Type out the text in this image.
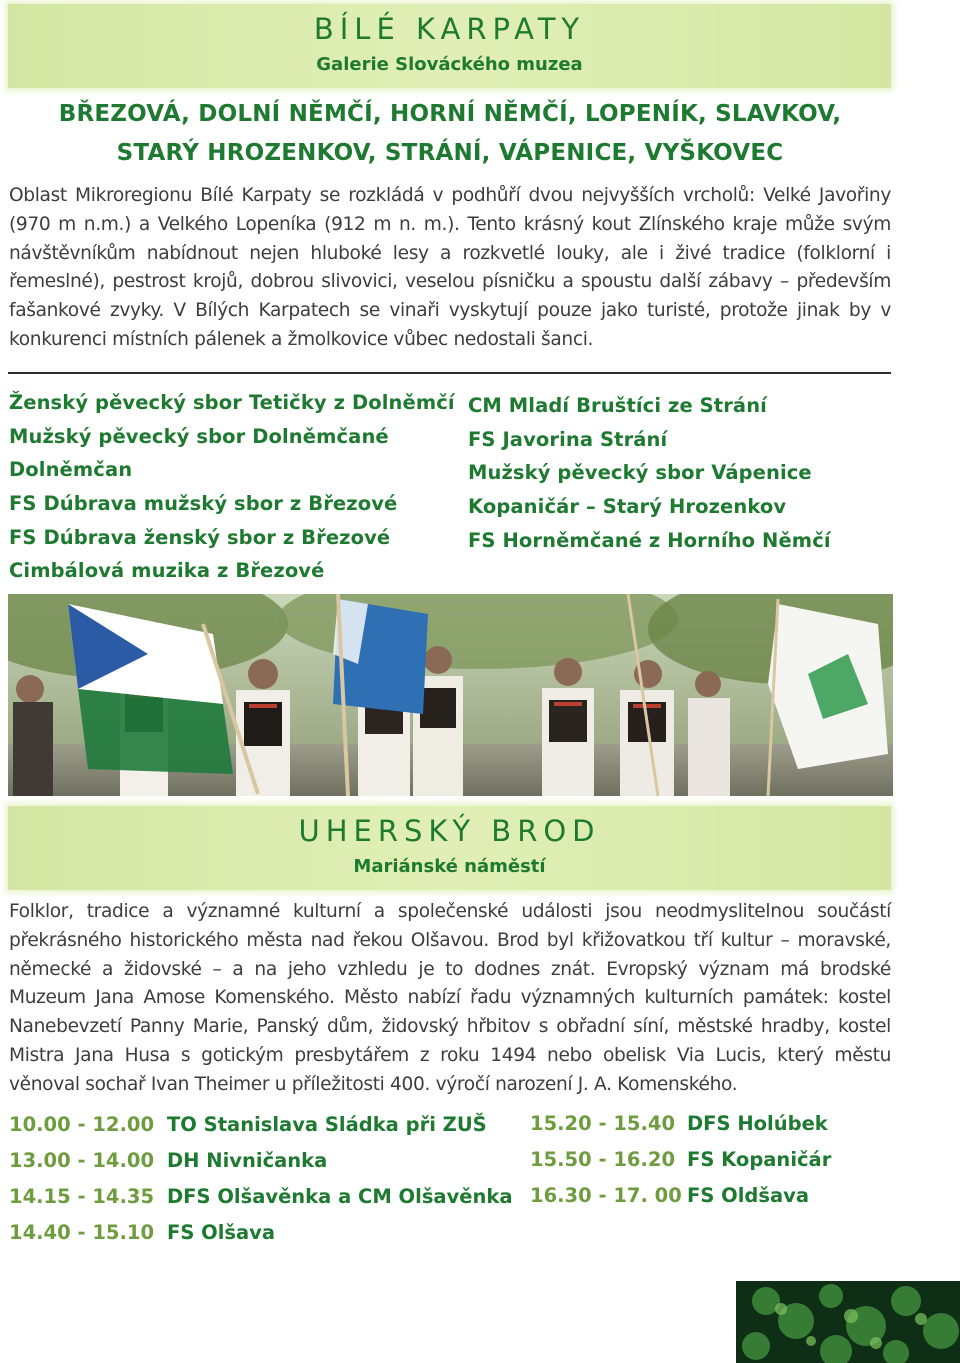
BÍLÉ KARPATY
Galerie Slováckého muzea
BŘEZOVÁ, DOLNÍ NĚMČÍ, HORNÍ NĚMČÍ, LOPENÍK, SLAVKOV,
STARÝ HROZENKOV, STRÁNÍ, VÁPENICE, VYŠKOVEC

Oblast Mikroregionu Bílé Karpaty se rozkládá v podhůří dvou nejvyšších vrcholů: Velké Javořiny (970 m n.m.) a Velkého Lopeníka (912 m n. m.). Tento krásný kout Zlínského kraje může svým návštěvníkům nabídnout nejen hluboké lesy a rozkvetlé louky, ale i živé tradice (folklorní i řemeslné), pestrost krojů, dobrou slivovici, veselou písničku a spoustu další zábavy – především fašankové zvyky. V Bílých Karpatech se vinaři vyskytují pouze jako turisté, protože jinak by v konkurenci místních pálenek a žmolkovice vůbec nedostali šanci.

Ženský pěvecký sbor Tetičky z Dolněmčí
Mužský pěvecký sbor Dolněmčané
Dolněmčan
FS Dúbrava mužský sbor z Březové
FS Dúbrava ženský sbor z Březové
Cimbálová muzika z Březové
CM Mladí Bruštíci ze Strání
FS Javorina Strání
Mužský pěvecký sbor Vápenice
Kopaničár – Starý Hrozenkov
FS Horněmčané z Horního Němčí
UHERSKÝ BROD
Mariánské náměstí

Folklor, tradice a významné kulturní a společenské události jsou neodmyslitelnou součástí překrásného historického města nad řekou Olšavou. Brod byl křižovatkou tří kultur – moravské, německé a židovské – a na jeho vzhledu je to dodnes znát. Evropský význam má brodské Muzeum Jana Amose Komenského. Město nabízí řadu významných kulturních památek: kostel Nanebevzetí Panny Marie, Panský dům, židovský hřbitov s obřadní síní, městské hradby, kostel Mistra Jana Husa s gotickým presbytářem z roku 1494 nebo obelisk Via Lucis, který městu věnoval sochař Ivan Theimer u příležitosti 400. výročí narození J. A. Komenského.

10.00 - 12.00 TO Stanislava Sládka při ZUŠ
13.00 - 14.00 DH Nivničanka
14.15 - 14.35 DFS Olšavěnka a CM Olšavěnka
14.40 - 15.10 FS Olšava
15.20 - 15.40 DFS Holúbek
15.50 - 16.20 FS Kopaničár
16.30 - 17. 00 FS Oldšava
